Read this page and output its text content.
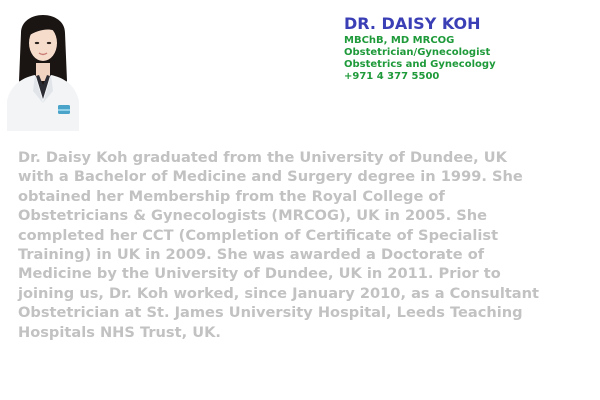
DR. DAISY KOH
MBChB, MD MRCOG
Obstetrician/Gynecologist
Obstetrics and Gynecology
+971 4 377 5500
Dr. Daisy Koh graduated from the University of Dundee, UK
with a Bachelor of Medicine and Surgery degree in 1999. She
obtained her Membership from the Royal College of
Obstetricians & Gynecologists (MRCOG), UK in 2005. She
completed her CCT (Completion of Certificate of Specialist
Training) in UK in 2009. She was awarded a Doctorate of
Medicine by the University of Dundee, UK in 2011. Prior to
joining us, Dr. Koh worked, since January 2010, as a Consultant
Obstetrician at St. James University Hospital, Leeds Teaching
Hospitals NHS Trust, UK.
